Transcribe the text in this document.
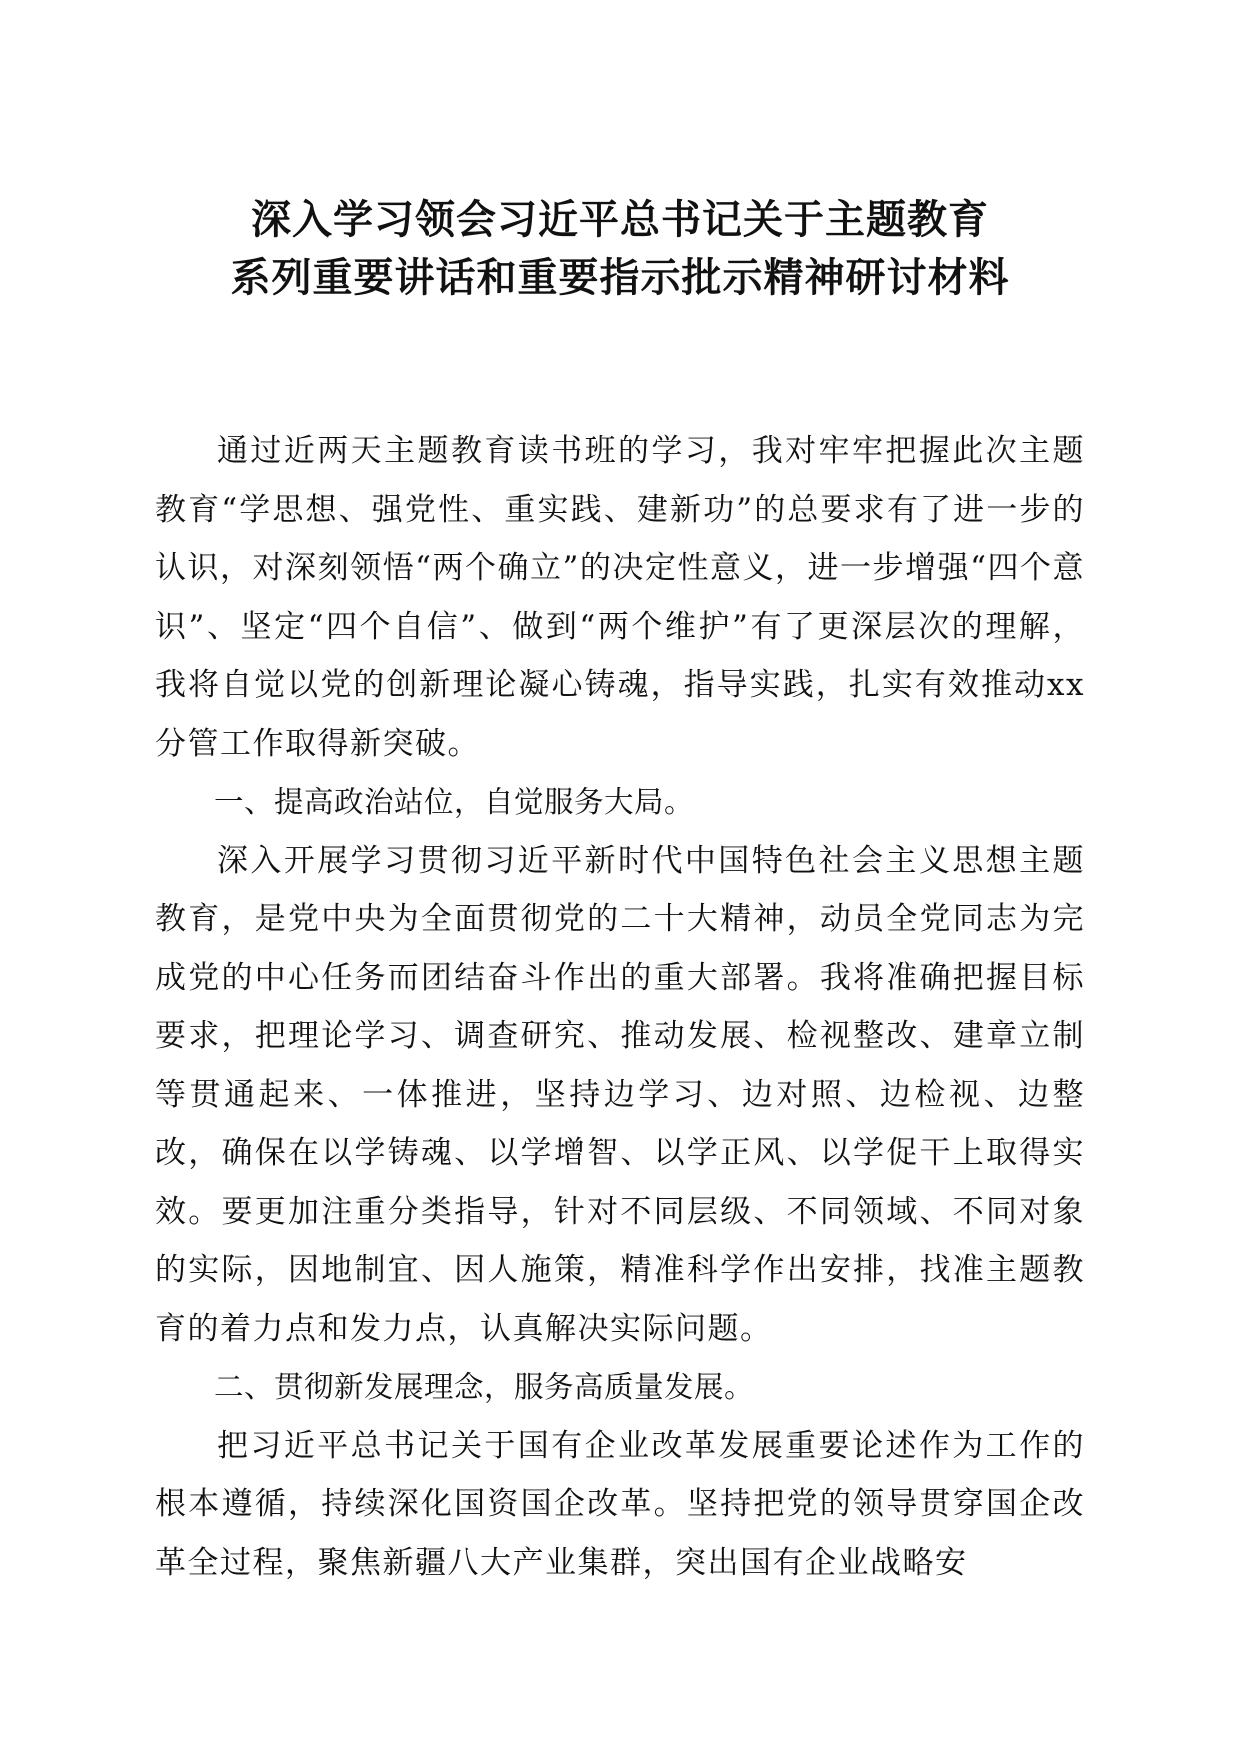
深入学习领会习近平总书记关于主题教育
系列重要讲话和重要指示批示精神研讨材料

通过近两天主题教育读书班的学习，我对牢牢把握此次主题教育“学思想、强党性、重实践、建新功”的总要求有了进一步的认识，对深刻领悟“两个确立”的决定性意义，进一步增强“四个意识”、坚定“四个自信”、做到“两个维护”有了更深层次的理解，我将自觉以党的创新理论凝心铸魂，指导实践，扎实有效推动xx分管工作取得新突破。

一、提高政治站位，自觉服务大局。

深入开展学习贯彻习近平新时代中国特色社会主义思想主题教育，是党中央为全面贯彻党的二十大精神，动员全党同志为完成党的中心任务而团结奋斗作出的重大部署。我将准确把握目标要求，把理论学习、调查研究、推动发展、检视整改、建章立制等贯通起来、一体推进，坚持边学习、边对照、边检视、边整改，确保在以学铸魂、以学增智、以学正风、以学促干上取得实效。要更加注重分类指导，针对不同层级、不同领域、不同对象的实际，因地制宜、因人施策，精准科学作出安排，找准主题教育的着力点和发力点，认真解决实际问题。

二、贯彻新发展理念，服务高质量发展。

把习近平总书记关于国有企业改革发展重要论述作为工作的根本遵循，持续深化国资国企改革。坚持把党的领导贯穿国企改革全过程，聚焦新疆八大产业集群，突出国有企业战略安
